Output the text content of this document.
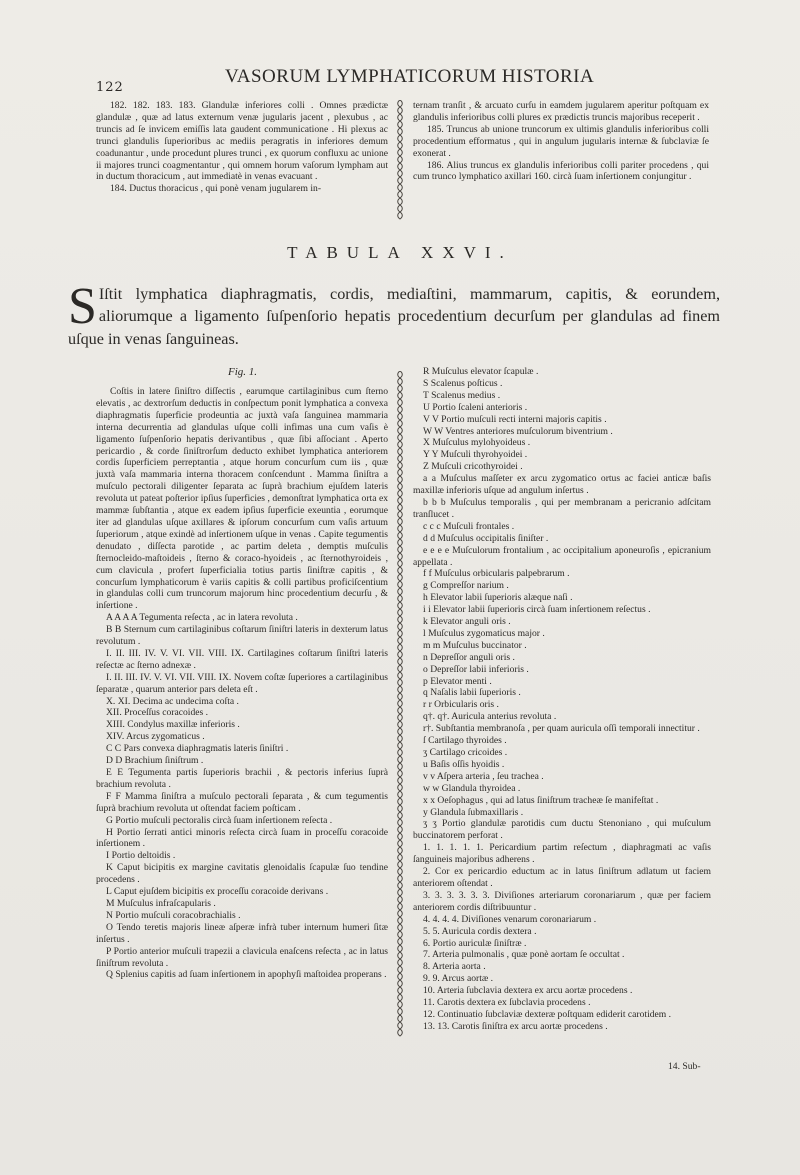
122
VASORUM LYMPHATICORUM HISTORIA

182. 182. 183. 183. Glandulæ inferiores colli . Omnes prædictæ glandulæ , quæ ad latus externum venæ jugularis jacent , plexubus , ac truncis ad ſe invicem emiſſis lata gaudent communicatione . Hi plexus ac trunci glandulis ſuperioribus ac mediis peragratis in inferiores demum coadunantur , unde procedunt plures trunci , ex quorum confluxu ac unione ii majores trunci coagmentantur , qui omnem horum vaſorum lympham aut in ductum thoracicum , aut immediatè in venas evacuant .

184. Ductus thoracicus , qui ponè venam jugularem in-

ternam tranſit , & arcuato curſu in eamdem jugularem aperitur poſtquam ex glandulis inferioribus colli plures ex prædictis truncis majoribus receperit .

185. Truncus ab unione truncorum ex ultimis glandulis inferioribus colli procedentium efformatus , qui in angulum jugularis internæ & ſubclaviæ ſe exonerat .

186. Alius truncus ex glandulis inferioribus colli pariter procedens , qui cum trunco lymphatico axillari 160. circà ſuam inſertionem conjungitur .

TABULA XXVI.
S Iſtit lymphatica diaphragmatis, cordis, mediaſtini, mammarum, capitis, & eorundem, aliorumque a ligamento ſuſpenſorio hepatis procedentium decurſum per glandulas ad finem uſque in venas ſanguineas.
Fig. 1.

Coſtis in latere ſiniſtro diſſectis , earumque cartilaginibus cum ſterno elevatis , ac dextrorſum deductis in conſpectum ponit lymphatica a convexa diaphragmatis ſuperficie prodeuntia ac juxtà vaſa ſanguinea mammaria interna decurrentia ad glandulas uſque colli infimas una cum vaſis è ligamento ſuſpenſorio hepatis derivantibus , quæ ſibi aſſociant . Aperto pericardio , & corde ſiniſtrorſum deducto exhibet lymphatica anteriorem cordis ſuperficiem perreptantia , atque horum concurſum cum iis , quæ juxtà vaſa mammaria interna thoracem conſcendunt . Mamma ſiniſtra a muſculo pectorali diligenter ſeparata ac ſuprà brachium ejuſdem lateris revoluta ut pateat poſterior ipſius ſuperficies , demonſtrat lymphatica orta ex mammæ ſubſtantia , atque ex eadem ipſius ſuperficie exeuntia , eorumque iter ad glandulas uſque axillares & ipſorum concurſum cum vaſis artuum ſuperiorum , atque exindè ad inſertionem uſque in venas . Capite tegumentis denudato , diſſecta parotide , ac partim deleta , demptis muſculis ſternocleido-maſtoideis , ſterno & coraco-hyoideis , ac ſternothyroideis , cum clavicula , profert ſuperficialia totius partis ſiniſtræ capitis , & concurſum lymphaticorum è variis capitis & colli partibus proficiſcentium in glandulas colli cum truncorum majorum hinc procedentium decurſu , & inſertione .

A A A A Tegumenta reſecta , ac in latera revoluta .

B B Sternum cum cartilaginibus coſtarum ſiniſtri lateris in dexterum latus revolutum .

I. II. III. IV. V. VI. VII. VIII. IX. Cartilagines coſtarum ſiniſtri lateris reſectæ ac ſterno adnexæ .

I. II. III. IV. V. VI. VII. VIII. IX. Novem coſtæ ſuperiores a cartilaginibus ſeparatæ , quarum anterior pars deleta eſt .

X. XI. Decima ac undecima coſta .

XII. Proceſſus coracoides .

XIII. Condylus maxillæ inferioris .

XIV. Arcus zygomaticus .

C C Pars convexa diaphragmatis lateris ſiniſtri .

D D Brachium ſiniſtrum .

E E Tegumenta partis ſuperioris brachii , & pectoris inferius ſuprà brachium revoluta .

F F Mamma ſiniſtra a muſculo pectorali ſeparata , & cum tegumentis ſuprà brachium revoluta ut oſtendat faciem poſticam .

G Portio muſculi pectoralis circà ſuam inſertionem reſecta .

H Portio ſerrati antici minoris reſecta circà ſuam in proceſſu coracoide inſertionem .

I Portio deltoidis .

K Caput bicipitis ex margine cavitatis glenoidalis ſcapulæ ſuo tendine procedens .

L Caput ejuſdem bicipitis ex proceſſu coracoide derivans .

M Muſculus infraſcapularis .

N Portio muſculi coracobrachialis .

O Tendo teretis majoris lineæ aſperæ infrà tuber internum humeri ſitæ inſertus .

P Portio anterior muſculi trapezii a clavicula enaſcens reſecta , ac in latus ſiniſtrum revoluta .

Q Splenius capitis ad ſuam inſertionem in apophyſi maſtoidea properans .

R Muſculus elevator ſcapulæ .

S Scalenus poſticus .

T Scalenus medius .

U Portio ſcaleni anterioris .

V V Portio muſculi recti interni majoris capitis .

W W Ventres anteriores muſculorum biventrium .

X Muſculus mylohyoideus .

Y Y Muſculi thyrohyoidei .

Z Muſculi cricothyroidei .

a a Muſculus maſſeter ex arcu zygomatico ortus ac faciei anticæ baſis maxillæ inferioris uſque ad angulum inſertus .

b b b Muſculus temporalis , qui per membranam a pericranio adſcitam tranſlucet .

c c c Muſculi frontales .

d d Muſculus occipitalis ſiniſter .

e e e e Muſculorum frontalium , ac occipitalium aponeuroſis , epicranium appellata .

f f Muſculus orbicularis palpebrarum .

g Compreſſor narium .

h Elevator labii ſuperioris alæque naſi .

i i Elevator labii ſuperioris circà ſuam inſertionem reſectus .

k Elevator anguli oris .

l Muſculus zygomaticus major .

m m Muſculus buccinator .

n Depreſſor anguli oris .

o Depreſſor labii inferioris .

p Elevator menti .

q Naſalis labii ſuperioris .

r r Orbicularis oris .

q†. q†. Auricula anterius revoluta .

r†. Subſtantia membranoſa , per quam auricula oſſi temporali innectitur .

ſ Cartilago thyroides .

ʒ Cartilago cricoides .

u Baſis oſſis hyoidis .

v v Aſpera arteria , ſeu trachea .

w w Glandula thyroidea .

x x Oeſophagus , qui ad latus ſiniſtrum tracheæ ſe manifeſtat .

y Glandula ſubmaxillaris .

ʒ ʒ Portio glandulæ parotidis cum ductu Stenoniano , qui muſculum buccinatorem perforat .

1. 1. 1. 1. 1. Pericardium partim reſectum , diaphragmati ac vaſis ſanguineis majoribus adherens .

2. Cor ex pericardio eductum ac in latus ſiniſtrum adlatum ut faciem anteriorem oſtendat .

3. 3. 3. 3. 3. 3. Diviſiones arteriarum coronariarum , quæ per faciem anteriorem cordis diſtribuuntur .

4. 4. 4. 4. Diviſiones venarum coronariarum .

5. 5. Auricula cordis dextera .

6. Portio auriculæ ſiniſtræ .

7. Arteria pulmonalis , quæ ponè aortam ſe occultat .

8. Arteria aorta .

9. 9. Arcus aortæ .

10. Arteria ſubclavia dextera ex arcu aortæ procedens .

11. Carotis dextera ex ſubclavia procedens .

12. Continuatio ſubclaviæ dexteræ poſtquam ediderit carotidem .

13. 13. Carotis ſiniſtra ex arcu aortæ procedens .

14. Sub-
